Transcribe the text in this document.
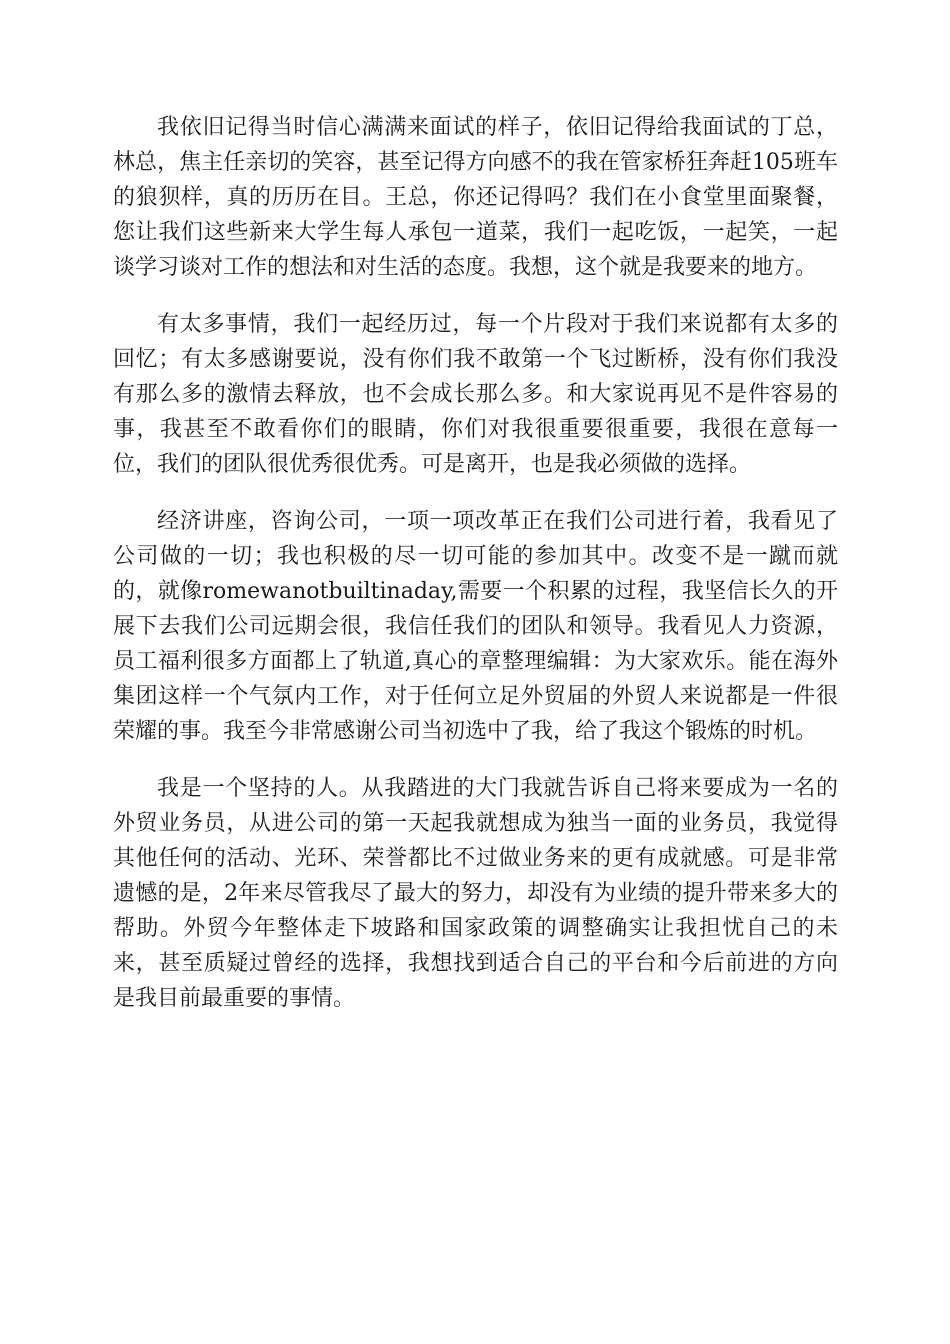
我依旧记得当时信心满满来面试的样子，依旧记得给我面试的丁总，林总，焦主任亲切的笑容，甚至记得方向感不的我在管家桥狂奔赶105班车的狼狈样，真的历历在目。王总，你还记得吗？我们在小食堂里面聚餐，您让我们这些新来大学生每人承包一道菜，我们一起吃饭，一起笑，一起谈学习谈对工作的想法和对生活的态度。我想，这个就是我要来的地方。

有太多事情，我们一起经历过，每一个片段对于我们来说都有太多的回忆；有太多感谢要说，没有你们我不敢第一个飞过断桥，没有你们我没有那么多的激情去释放，也不会成长那么多。和大家说再见不是件容易的事，我甚至不敢看你们的眼睛，你们对我很重要很重要，我很在意每一位，我们的团队很优秀很优秀。可是离开，也是我必须做的选择。

经济讲座，咨询公司，一项一项改革正在我们公司进行着，我看见了公司做的一切；我也积极的尽一切可能的参加其中。改变不是一蹴而就的，就像romewanotbuiltinaday,需要一个积累的过程，我坚信长久的开展下去我们公司远期会很，我信任我们的团队和领导。我看见人力资源，员工福利很多方面都上了轨道,真心的章整理编辑：为大家欢乐。能在海外集团这样一个气氛内工作，对于任何立足外贸届的外贸人来说都是一件很荣耀的事。我至今非常感谢公司当初选中了我，给了我这个锻炼的时机。

我是一个坚持的人。从我踏进的大门我就告诉自己将来要成为一名的外贸业务员，从进公司的第一天起我就想成为独当一面的业务员，我觉得其他任何的活动、光环、荣誉都比不过做业务来的更有成就感。可是非常遗憾的是，2年来尽管我尽了最大的努力，却没有为业绩的提升带来多大的帮助。外贸今年整体走下坡路和国家政策的调整确实让我担忧自己的未来，甚至质疑过曾经的选择，我想找到适合自己的平台和今后前进的方向是我目前最重要的事情。
